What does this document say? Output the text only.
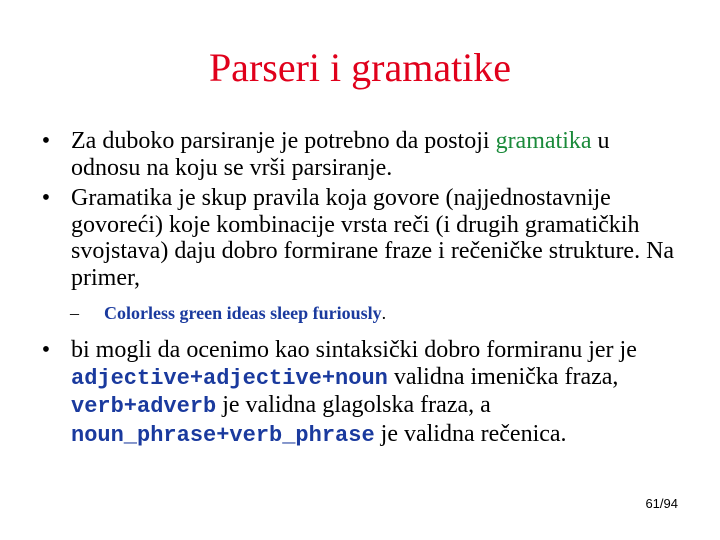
Parseri i gramatike
• Za duboko parsiranje je potrebno da postoji gramatika u odnosu na koju se vrši parsiranje.
• Gramatika je skup pravila koja govore (najjednostavnije govoreći) koje kombinacije vrsta reči (i drugih gramatičkih svojstava) daju dobro formirane fraze i rečeničke strukture. Na primer,
– Colorless green ideas sleep furiously.
• bi mogli da ocenimo kao sintaksički dobro formiranu jer je adjective+adjective+noun validna imenička fraza, verb+adverb je validna glagolska fraza, a noun_phrase+verb_phrase je validna rečenica.
61/94
